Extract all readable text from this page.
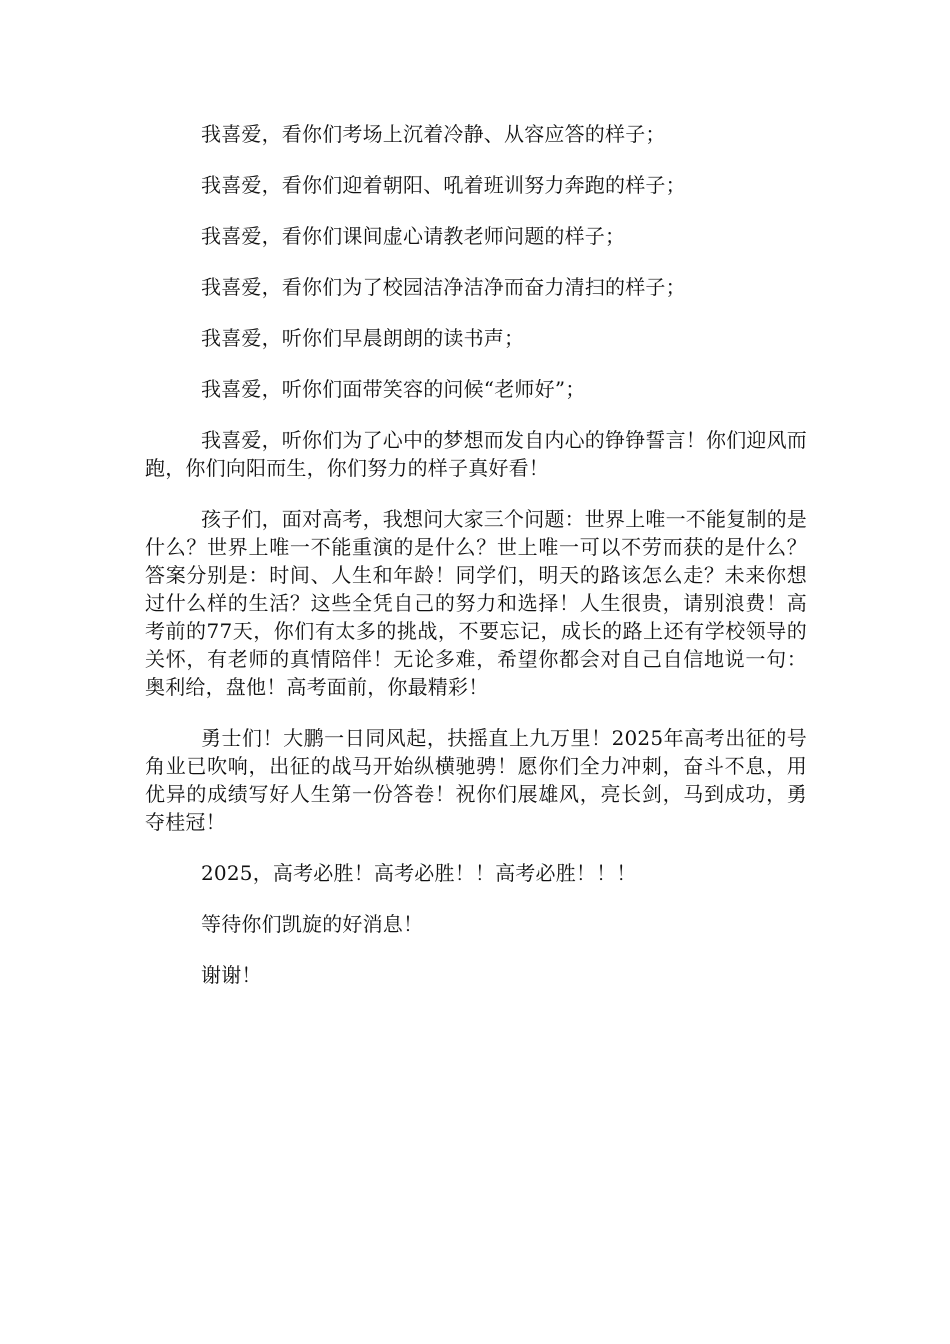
我喜爱，看你们考场上沉着冷静、从容应答的样子；

我喜爱，看你们迎着朝阳、吼着班训努力奔跑的样子；

我喜爱，看你们课间虚心请教老师问题的样子；

我喜爱，看你们为了校园洁净洁净而奋力清扫的样子；

我喜爱，听你们早晨朗朗的读书声；

我喜爱，听你们面带笑容的问候“老师好”；

我喜爱，听你们为了心中的梦想而发自内心的铮铮誓言！你们迎风而跑，你们向阳而生，你们努力的样子真好看！

孩子们，面对高考，我想问大家三个问题：世界上唯一不能复制的是什么？世界上唯一不能重演的是什么？世上唯一可以不劳而获的是什么？答案分别是：时间、人生和年龄！同学们，明天的路该怎么走？未来你想过什么样的生活？这些全凭自己的努力和选择！人生很贵，请别浪费！高考前的77天，你们有太多的挑战，不要忘记，成长的路上还有学校领导的关怀，有老师的真情陪伴！无论多难，希望你都会对自己自信地说一句：奥利给，盘他！高考面前，你最精彩！

勇士们！大鹏一日同风起，扶摇直上九万里！2025年高考出征的号角业已吹响，出征的战马开始纵横驰骋！愿你们全力冲刺，奋斗不息，用优异的成绩写好人生第一份答卷！祝你们展雄风，亮长剑，马到成功，勇夺桂冠！

2025，高考必胜！高考必胜！！高考必胜！！！

等待你们凯旋的好消息！

谢谢！
